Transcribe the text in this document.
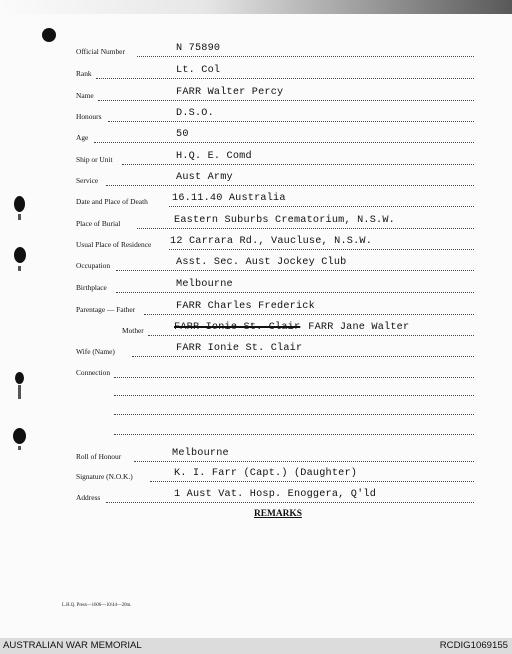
Official Number	N 75890
Rank	Lt. Col
Name	FARR Walter Percy
Honours	D.S.O.
Age	50
Ship or Unit	H.Q. E. Comd
Service	Aust Army
Date and Place of Death 16.11.40 Australia
Place of Burial	Eastern Suburbs Crematorium, N.S.W.
Usual Place of Residence 12 Carrara Rd., Vaucluse, N.S.W.
Occupation	Asst. Sec. Aust Jockey Club
Birthplace	Melbourne
Parentage — Father	FARR Charles Frederick
Mother	FARR Ionie St. Clair FARR Jane Walter
Wife (Name)	FARR Ionie St. Clair
Connection
Roll of Honour	Melbourne
Signature (N.O.K.)	K. I. Farr (Capt.) (Daughter)
Address	1 Aust Vat. Hosp. Enoggera, Q'ld
REMARKS
L.H.Q. Press—1606—10/44—20m.
AUSTRALIAN WAR MEMORIAL	RCDIG1069155
